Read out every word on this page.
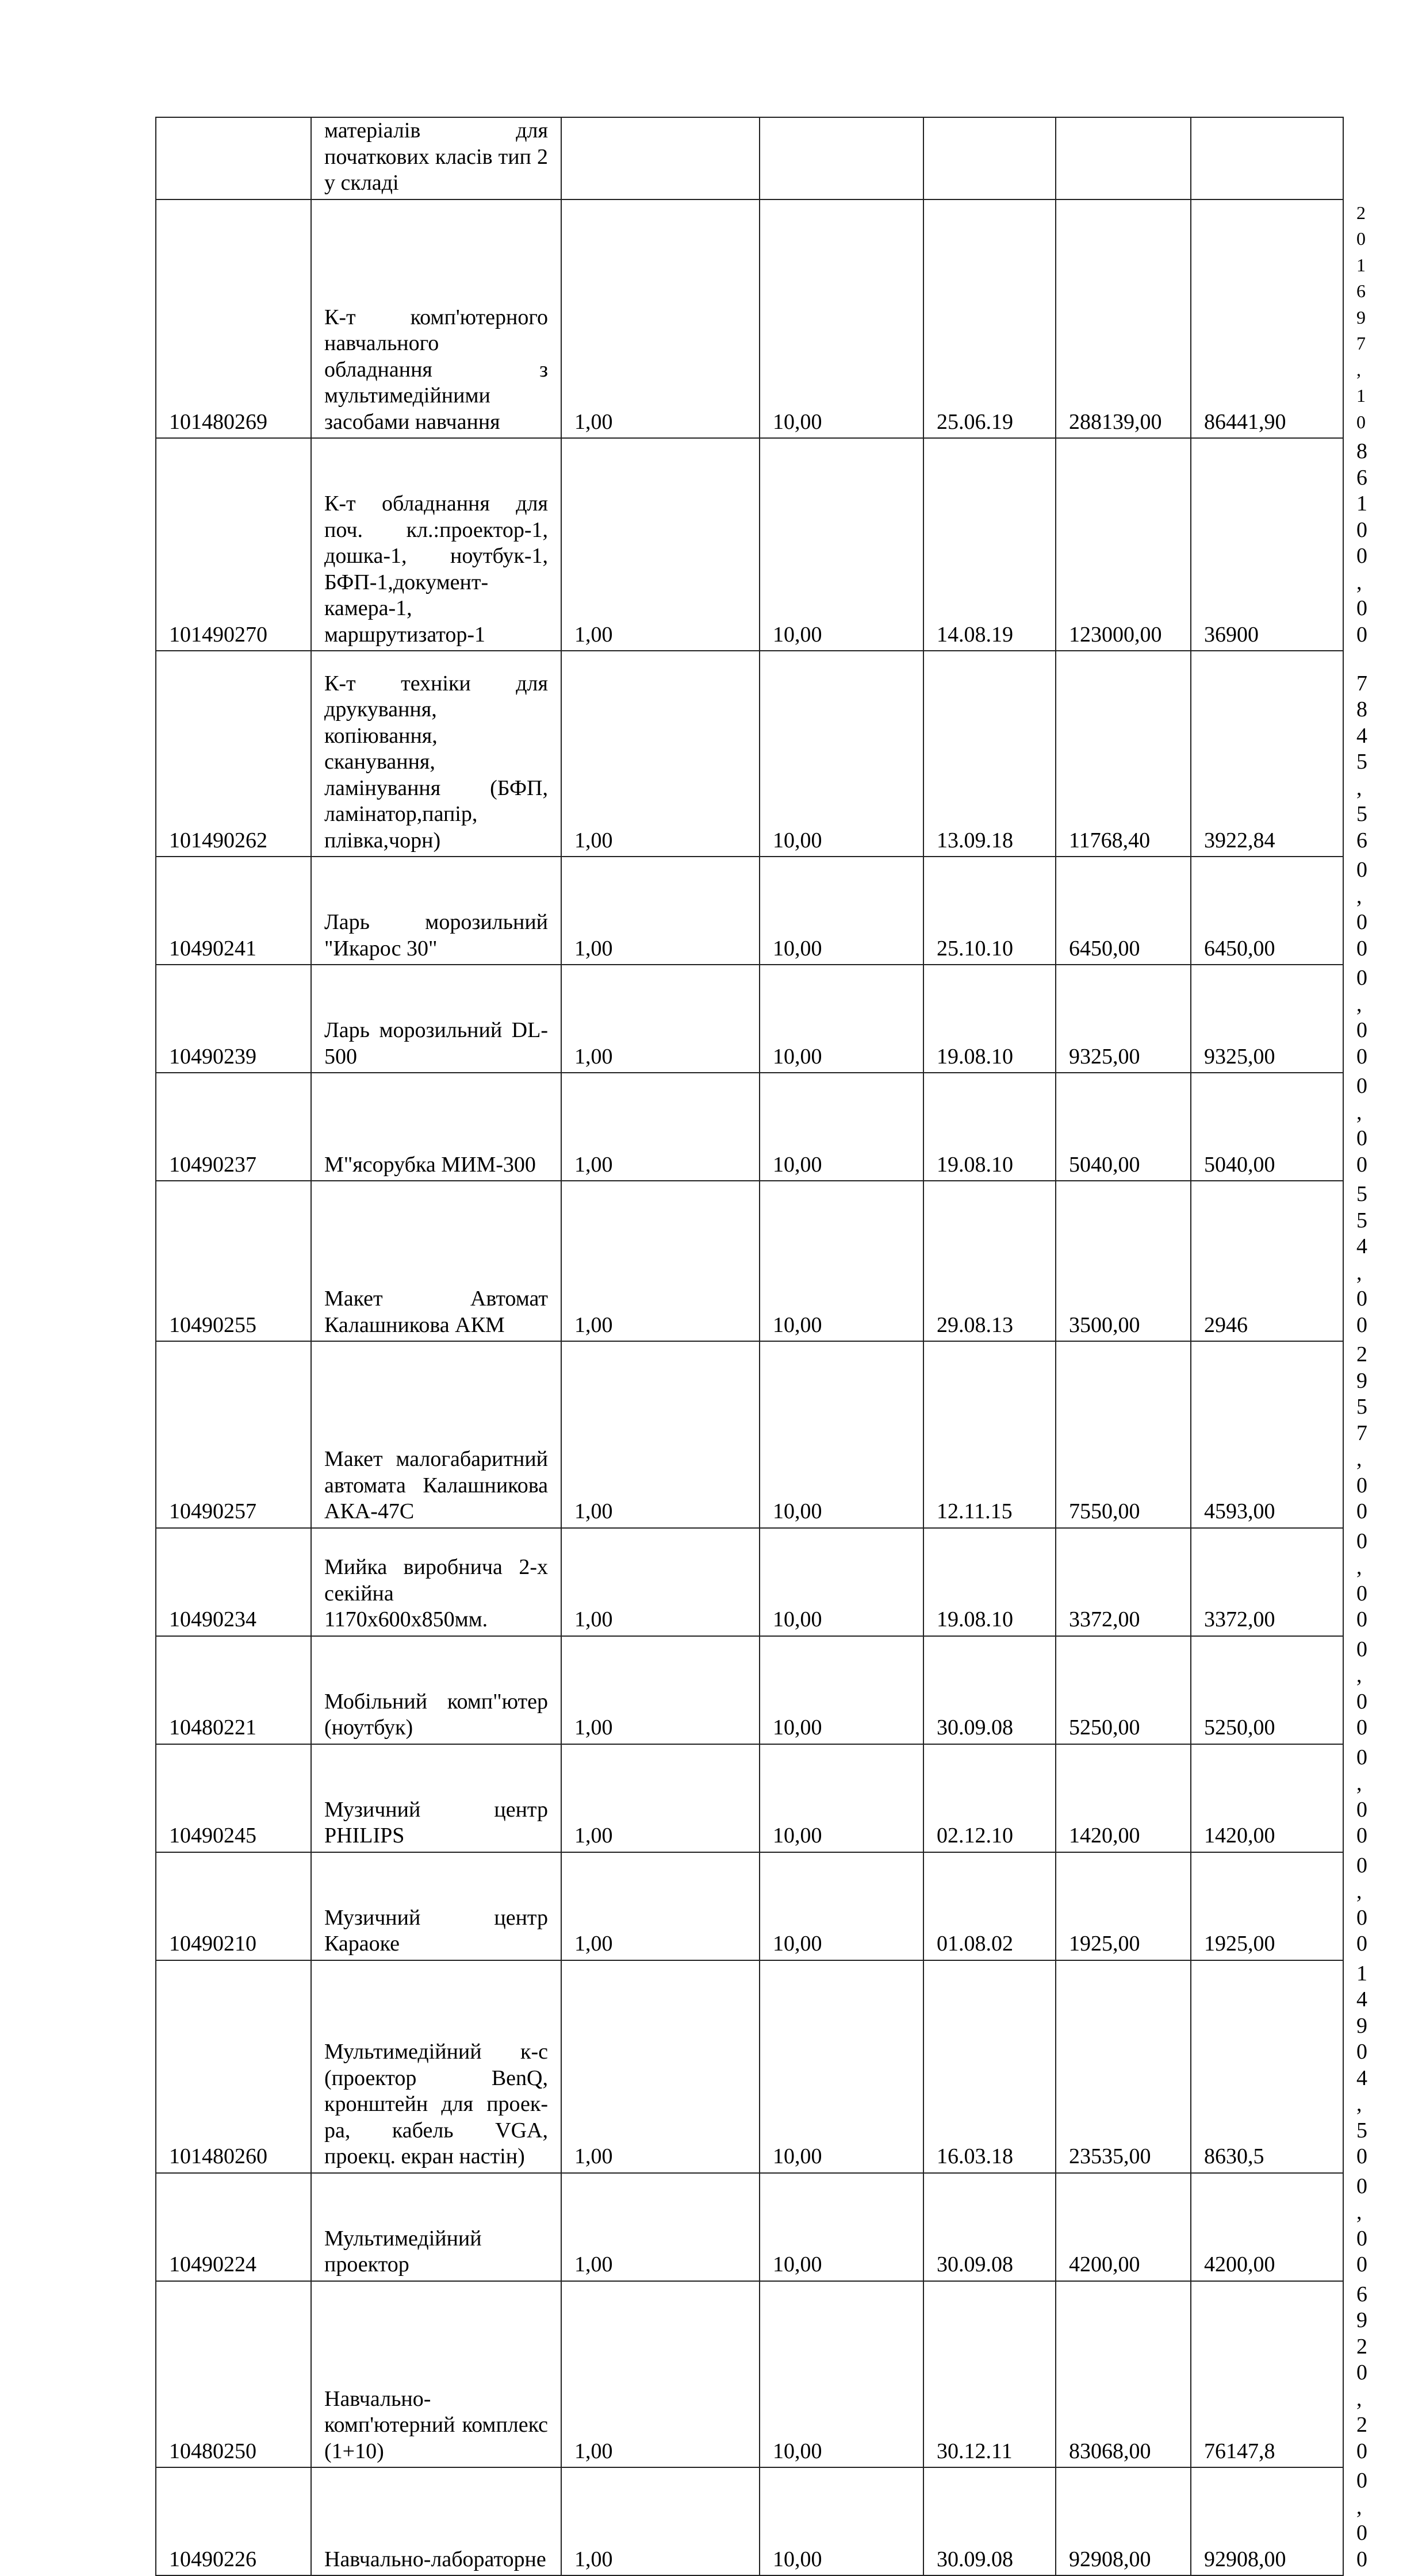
	матеріалів для початкових класів тип 2 у складі						
101480269	К-т комп'ютерного навчального обладнання з мультимедійними засобами навчання	1,00	10,00	25.06.19	288139,00	86441,90	201697,10
101490270	К-т обладнання для поч. кл.:проектор-1, дошка-1, ноутбук-1, БФП-1,документ-камера-1, маршрутизатор-1	1,00	10,00	14.08.19	123000,00	36900	86100,00
101490262	К-т техніки для друкування, копіювання, сканування, ламінування (БФП, ламінатор,папір, плівка,чорн)	1,00	10,00	13.09.18	11768,40	3922,84	7845,56
10490241	Ларь морозильний "Икарос 30"	1,00	10,00	25.10.10	6450,00	6450,00	0,00
10490239	Ларь морозильний DL-500	1,00	10,00	19.08.10	9325,00	9325,00	0,00
10490237	М"ясорубка МИМ-300	1,00	10,00	19.08.10	5040,00	5040,00	0,00
10490255	Макет Автомат Калашникова АКМ	1,00	10,00	29.08.13	3500,00	2946	554,00
10490257	Макет малогабаритний автомата Калашникова АКА-47С	1,00	10,00	12.11.15	7550,00	4593,00	2957,00
10490234	Мийка виробнича 2-х секійна 1170х600х850мм.	1,00	10,00	19.08.10	3372,00	3372,00	0,00
10480221	Мобільний комп"ютер (ноутбук)	1,00	10,00	30.09.08	5250,00	5250,00	0,00
10490245	Музичний центр PHILIPS	1,00	10,00	02.12.10	1420,00	1420,00	0,00
10490210	Музичний центр Караоке	1,00	10,00	01.08.02	1925,00	1925,00	0,00
101480260	Мультимедійний к-с (проектор BenQ, кронштейн для проек-ра, кабель VGA, проекц. екран настін)	1,00	10,00	16.03.18	23535,00	8630,5	14904,50
10490224	Мультимедійний проектор	1,00	10,00	30.09.08	4200,00	4200,00	0,00
10480250	Навчально-комп'ютерний комплекс (1+10)	1,00	10,00	30.12.11	83068,00	76147,8	6920,20
10490226	Навчально-лабораторне	1,00	10,00	30.09.08	92908,00	92908,00	0,00
